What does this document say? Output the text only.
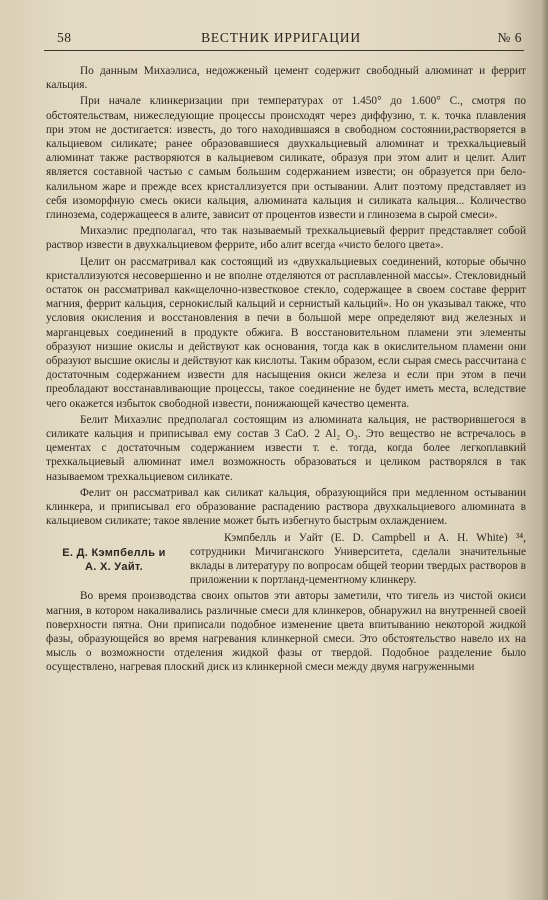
58	ВЕСТНИК ИРРИГАЦИИ	№ 6

По данным Михаэлиса, недожженый цемент содержит свободный алюминат и феррит кальция.

При начале клинкеризации при температурах от 1.450° до 1.600° С., смотря по обстоятельствам, нижеследующие процессы происходят через диффузию, т. к. точка плавления при этом не достигается: известь, до того находившаяся в свободном состоянии,растворяется в кальциевом силикате; ранее образовавшиеся двухкальциевый алюминат и трехкальциевый алюминат также растворяются в кальциевом силикате, образуя при этом алит и целит. Алит является составной частью с самым большим содержанием извести; он образуется при бело-калильном жаре и прежде всех кристаллизуется при остывании. Алит поэтому представляет из себя изоморфную смесь окиси кальция, алюмината кальция и силиката кальция... Количество глинозема, содержащееся в алите, зависит от процентов извести и глинозема в сырой смеси».

Михаэлис предполагал, что так называемый трехкальциевый феррит представляет собой раствор извести в двухкальциевом феррите, ибо алит всегда «чисто белого цвета».

Целит он рассматривал как состоящий из «двухкальциевых соединений, которые обычно кристаллизуются несовершенно и не вполне отделяются от расплавленной массы». Стекловидный остаток он рассматривал как«щелочно-известковое стекло, содержащее в своем составе феррит магния, феррит кальция, сернокислый кальций и сернистый кальций». Но он указывал также, что условия окисления и восстановления в печи в большой мере определяют вид железных и марганцевых соединений в продукте обжига. В восстановительном пламени эти элементы образуют низшие окислы и действуют как основания, тогда как в окислительном пламени они образуют высшие окислы и действуют как кислоты. Таким образом, если сырая смесь рассчитана с достаточным содержанием извести для насыщения окиси железа и если при этом в печи преобладают восстанавливающие процессы, такое соединение не будет иметь места, вследствие чего окажется избыток свободной извести, понижающей качество цемента.

Белит Михаэлис предполагал состоящим из алюмината кальция, не растворившегося в силикате кальция и приписывал ему состав 3 CaO. 2 Al₂ O₃. Это вещество не встречалось в цементах с достаточным содержанием извести т. е. тогда, когда более легкоплавкий трехкальциевый алюминат имел возможность образоваться и целиком растворялся в так называемом трехкальциевом силикате.

Фелит он рассматривал как силикат кальция, образующийся при медленном остывании клинкера, и приписывал его образование распадению раствора двухкальциевого алюмината в кальциевом силикате; такое явление может быть избегнуто быстрым охлаждением.

Е. Д. Кэмпбелль и
А. Х. Уайт.

Кэмпбелль и Уайт (Е. D. Campbell и А. Н. White) ³⁴, сотрудники Мичиганского Университета, сделали значительные вклады в литературу по вопросам общей теории твердых растворов в приложении к портланд-цементному клинкеру.

Во время производства своих опытов эти авторы заметили, что тигель из чистой окиси магния, в котором накаливались различные смеси для клинкеров, обнаружил на внутренней своей поверхности пятна. Они приписали подобное изменение цвета впитыванию некоторой жидкой фазы, образующейся во время нагревания клинкерной смеси. Это обстоятельство навело их на мысль о возможности отделения жидкой фазы от твердой. Подобное разделение было осуществлено, нагревая плоский диск из клинкерной смеси между двумя нагруженными
